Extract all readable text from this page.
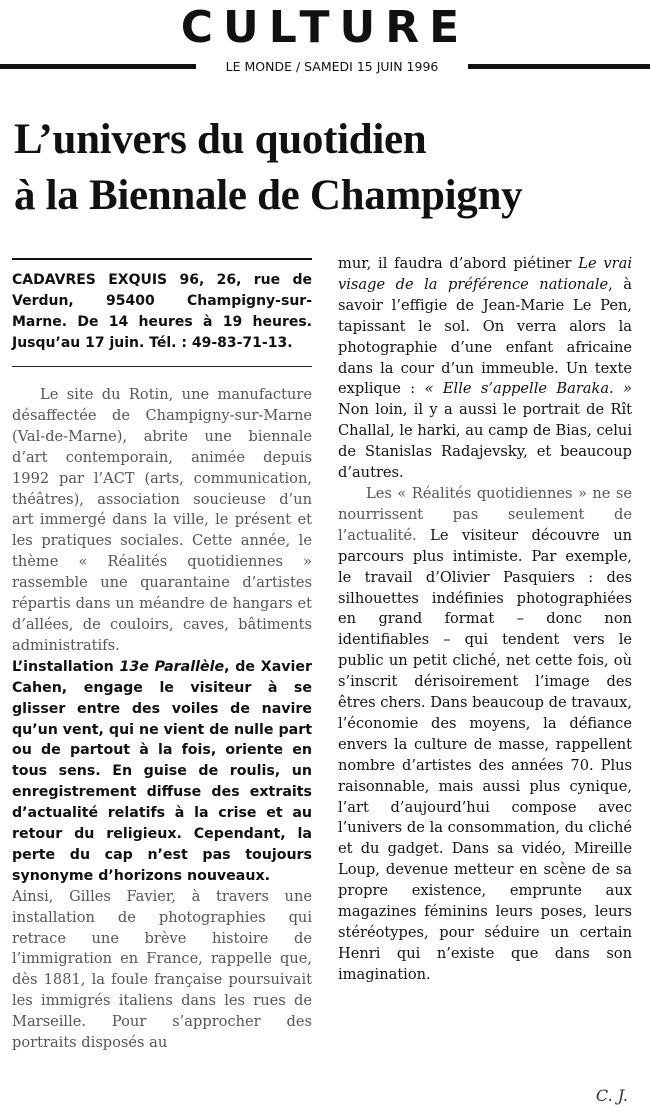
CULTURE
LE MONDE / SAMEDI 15 JUIN 1996
L’univers du quotidien
à la Biennale de Champigny
CADAVRES EXQUIS 96, 26, rue de Verdun, 95400 Champigny-sur-Marne. De 14 heures à 19 heures. Jusqu’au 17 juin. Tél. : 49-83-71-13.

Le site du Rotin, une manufacture désaffectée de Champigny-sur-Marne (Val-de-Marne), abrite une biennale d’art contemporain, animée depuis 1992 par l’ACT (arts, communication, théâtres), association soucieuse d’un art immergé dans la ville, le présent et les pratiques sociales. Cette année, le thème « Réalités quotidiennes » rassemble une quarantaine d’artistes répartis dans un méandre de hangars et d’allées, de couloirs, caves, bâtiments administratifs.

L’installation 13e Parallèle, de Xavier Cahen, engage le visiteur à se glisser entre des voiles de navire qu’un vent, qui ne vient de nulle part ou de partout à la fois, oriente en tous sens. En guise de roulis, un enregistrement diffuse des extraits d’actualité relatifs à la crise et au retour du religieux. Cependant, la perte du cap n’est pas toujours synonyme d’horizons nouveaux.

Ainsi, Gilles Favier, à travers une installation de photographies qui retrace une brève histoire de l’immigration en France, rappelle que, dès 1881, la foule française poursuivait les immigrés italiens dans les rues de Marseille. Pour s’approcher des portraits disposés au

mur, il faudra d’abord piétiner Le vrai visage de la préférence nationale, à savoir l’effigie de Jean-Marie Le Pen, tapissant le sol. On verra alors la photographie d’une enfant africaine dans la cour d’un immeuble. Un texte explique : « Elle s’appelle Baraka. » Non loin, il y a aussi le portrait de Rît Challal, le harki, au camp de Bias, celui de Stanislas Radajevsky, et beaucoup d’autres.

Les « Réalités quotidiennes » ne se nourrissent pas seulement de l’actualité. Le visiteur découvre un parcours plus intimiste. Par exemple, le travail d’Olivier Pasquiers : des silhouettes indéfinies photographiées en grand format – donc non identifiables – qui tendent vers le public un petit cliché, net cette fois, où s’inscrit dérisoirement l’image des êtres chers. Dans beaucoup de travaux, l’économie des moyens, la défiance envers la culture de masse, rappellent nombre d’artistes des années 70. Plus raisonnable, mais aussi plus cynique, l’art d’aujourd’hui compose avec l’univers de la consommation, du cliché et du gadget. Dans sa vidéo, Mireille Loup, devenue metteur en scène de sa propre existence, emprunte aux magazines féminins leurs poses, leurs stéréotypes, pour séduire un certain Henri qui n’existe que dans son imagination.

C. J.
